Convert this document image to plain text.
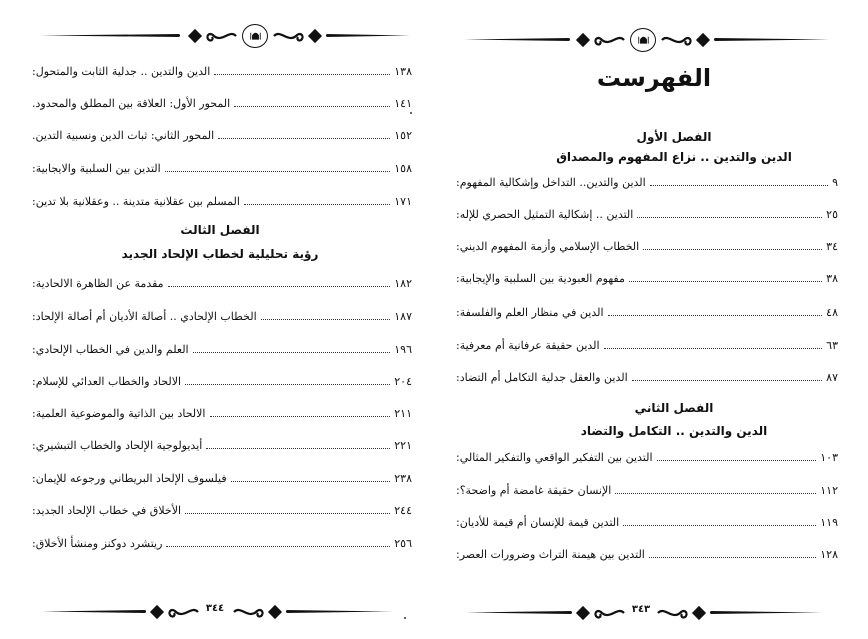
الدين والتدين .. جدلية الثابت والمتحول:	١٣٨
المحور الأول: العلاقة بين المطلق والمحدود.	١٤١
المحور الثاني: ثبات الدين ونسبية التدين.	١٥٢
التدين بين السلبية والايجابية:	١٥٨
المسلم بين عقلانية متدينة .. وعقلانية بلا تدين:	١٧١
الفصل الثالث
رؤية تحليلية لخطاب الإلحاد الجديد
مقدمة عن الظاهرة الالحادية:	١٨٢
الخطاب الإلحادي .. أصالة الأديان أم أصالة الإلحاد:	١٨٧
العلم والدين في الخطاب الإلحادي:	١٩٦
الالحاد والخطاب العدائي للإسلام:	٢٠٤
الالحاد بين الذاتية والموضوعية العلمية:	٢١١
أيديولوجية الإلحاد والخطاب التبشيري:	٢٢١
فيلسوف الإلحاد البريطاني ورجوعه للإيمان:	٢٣٨
الأخلاق في خطاب الإلحاد الجديد:	٢٤٤
ريتشرد دوكنز ومنشأ الأخلاق:	٢٥٦
٣٤٤
الفهرست
الفصل الأول
الدين والتدين .. نزاع المفهوم والمصداق
الدين والتدين.. التداخل وإشكالية المفهوم:	٩
التدين .. إشكالية التمثيل الحصري للإله:	٢٥
الخطاب الإسلامي وأزمة المفهوم الديني:	٣٤
مفهوم العبودية بين السلبية والإيجابية:	٣٨
الدين في منظار العلم والفلسفة:	٤٨
الدين حقيقة عرفانية أم معرفية:	٦٣
الدين والعقل جدلية التكامل أم التضاد:	٨٧
الفصل الثاني
الدين والتدين .. التكامل والتضاد
التدين بين التفكير الواقعي والتفكير المثالي:	١٠٣
الإنسان حقيقة غامضة أم واضحة؟:	١١٢
التدين قيمة للإنسان أم قيمة للأديان:	١١٩
التدين بين هيمنة التراث وضرورات العصر:	١٢٨
٣٤٣
